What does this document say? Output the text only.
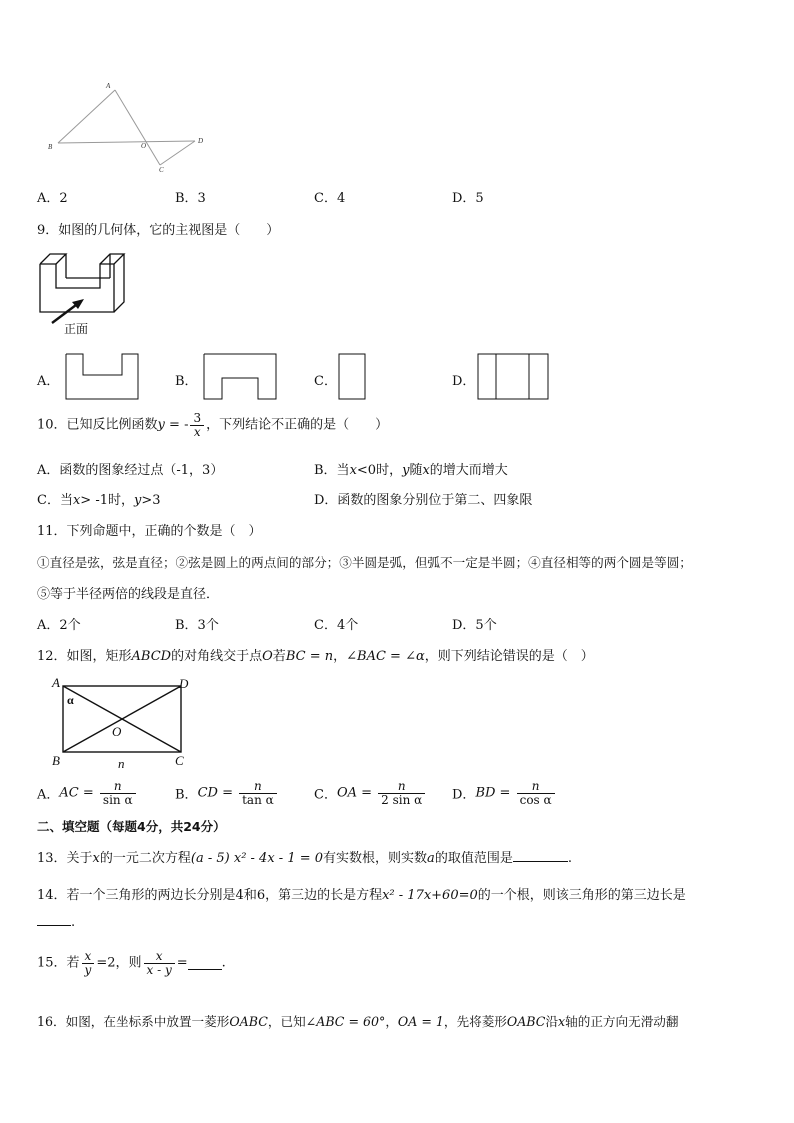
A
B	O
D
C
A．2	B．3	C．4	D．5
9．如图的几何体，它的主视图是（　　）
正面
A．	B．	C．	D．
10．已知反比例函数y = - $\frac{3}{x}$ ，下列结论不正确的是（　　）
A．函数的图象经过点（-1，3）	B．当x<0时，y随x的增大而增大
C．当x> -1时，y>3	D．函数的图象分别位于第二、四象限
11．下列命题中，正确的个数是（　）
①直径是弦，弦是直径；②弦是圆上的两点间的部分；③半圆是弧，但弧不一定是半圆；④直径相等的两个圆是等圆；
⑤等于半径两倍的线段是直径．
A．2个	B．3个	C．4个	D．5个
12．如图，矩形ABCD的对角线交于点O若BC = n，∠BAC = ∠α，则下列结论错误的是（　）
A	D
B	C
O
n
α
A．AC = $\frac{n}{\text{sin α}}$	B．CD = $\frac{n}{\text{tan α}}$	C．OA = $\frac{n}{\text{2 sin α}}$ D．BD = $\frac{n}{\text{cos α}}$
二、填空题（每题4分，共24分）
13．关于x的一元二次方程(a - 5) x² - 4x - 1 = 0有实数根，则实数a的取值范围是	.
14．若一个三角形的两边长分别是4和6，第三边的长是方程x² - 17x+60=0的一个根，则该三角形的第三边长是
.
15．若 $\frac{x}{y} =2$，则 $\frac{x}{x - y}$ =	.
16．如图，在坐标系中放置一菱形OABC，已知∠ABC = 60°，OA = 1，先将菱形OABC沿x轴的正方向无滑动翻
